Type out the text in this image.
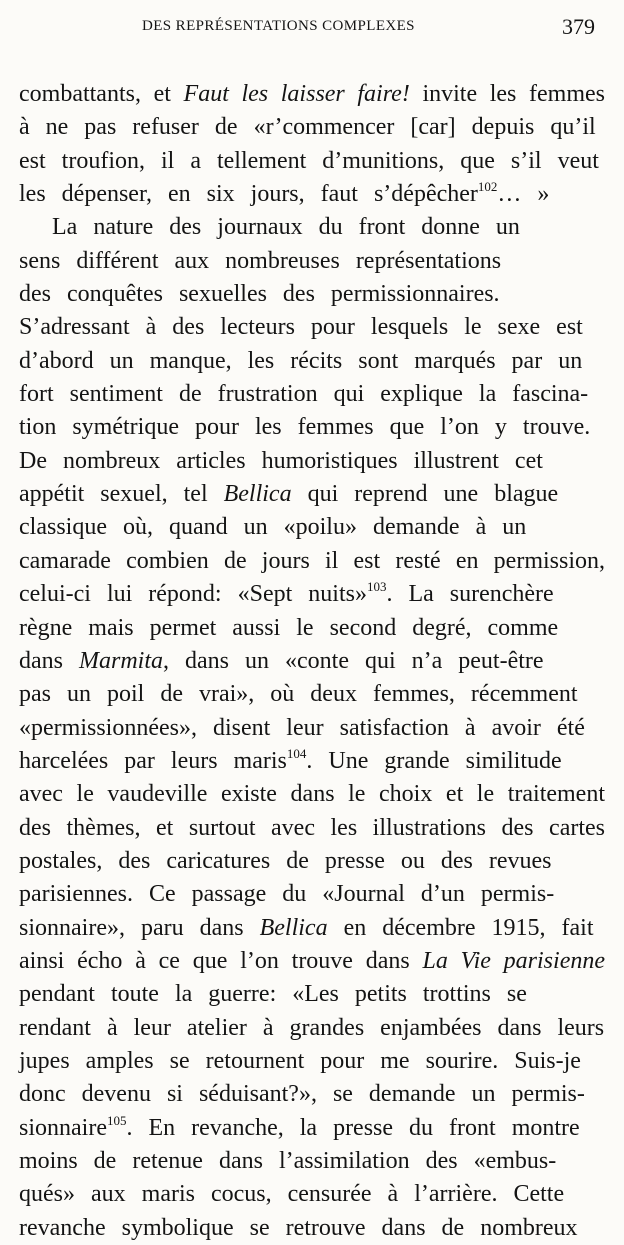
DES REPRÉSENTATIONS COMPLEXES	379
combattants, et Faut les laisser faire! invite les femmes
à ne pas refuser de «r’commencer [car] depuis qu’il
est troufion, il a tellement d’munitions, que s’il veut
les dépenser, en six jours, faut s’dépêcher$^{102}$… »
La nature des journaux du front donne un
sens différent aux nombreuses représentations
des conquêtes sexuelles des permissionnaires.
S’adressant à des lecteurs pour lesquels le sexe est
d’abord un manque, les récits sont marqués par un
fort sentiment de frustration qui explique la fascina-
tion symétrique pour les femmes que l’on y trouve.
De nombreux articles humoristiques illustrent cet
appétit sexuel, tel Bellica qui reprend une blague
classique où, quand un «poilu» demande à un
camarade combien de jours il est resté en permission,
celui-ci lui répond: «Sept nuits»$^{103}$. La surenchère
règne mais permet aussi le second degré, comme
dans Marmita, dans un «conte qui n’a peut-être
pas un poil de vrai», où deux femmes, récemment
«permissionnées», disent leur satisfaction à avoir été
harcelées par leurs maris$^{104}$. Une grande similitude
avec le vaudeville existe dans le choix et le traitement
des thèmes, et surtout avec les illustrations des cartes
postales, des caricatures de presse ou des revues
parisiennes. Ce passage du «Journal d’un permis-
sionnaire», paru dans Bellica en décembre 1915, fait
ainsi écho à ce que l’on trouve dans La Vie parisienne
pendant toute la guerre: «Les petits trottins se
rendant à leur atelier à grandes enjambées dans leurs
jupes amples se retournent pour me sourire. Suis-je
donc devenu si séduisant?», se demande un permis-
sionnaire$^{105}$. En revanche, la presse du front montre
moins de retenue dans l’assimilation des «embus-
qués» aux maris cocus, censurée à l’arrière. Cette
revanche symbolique se retrouve dans de nombreux
